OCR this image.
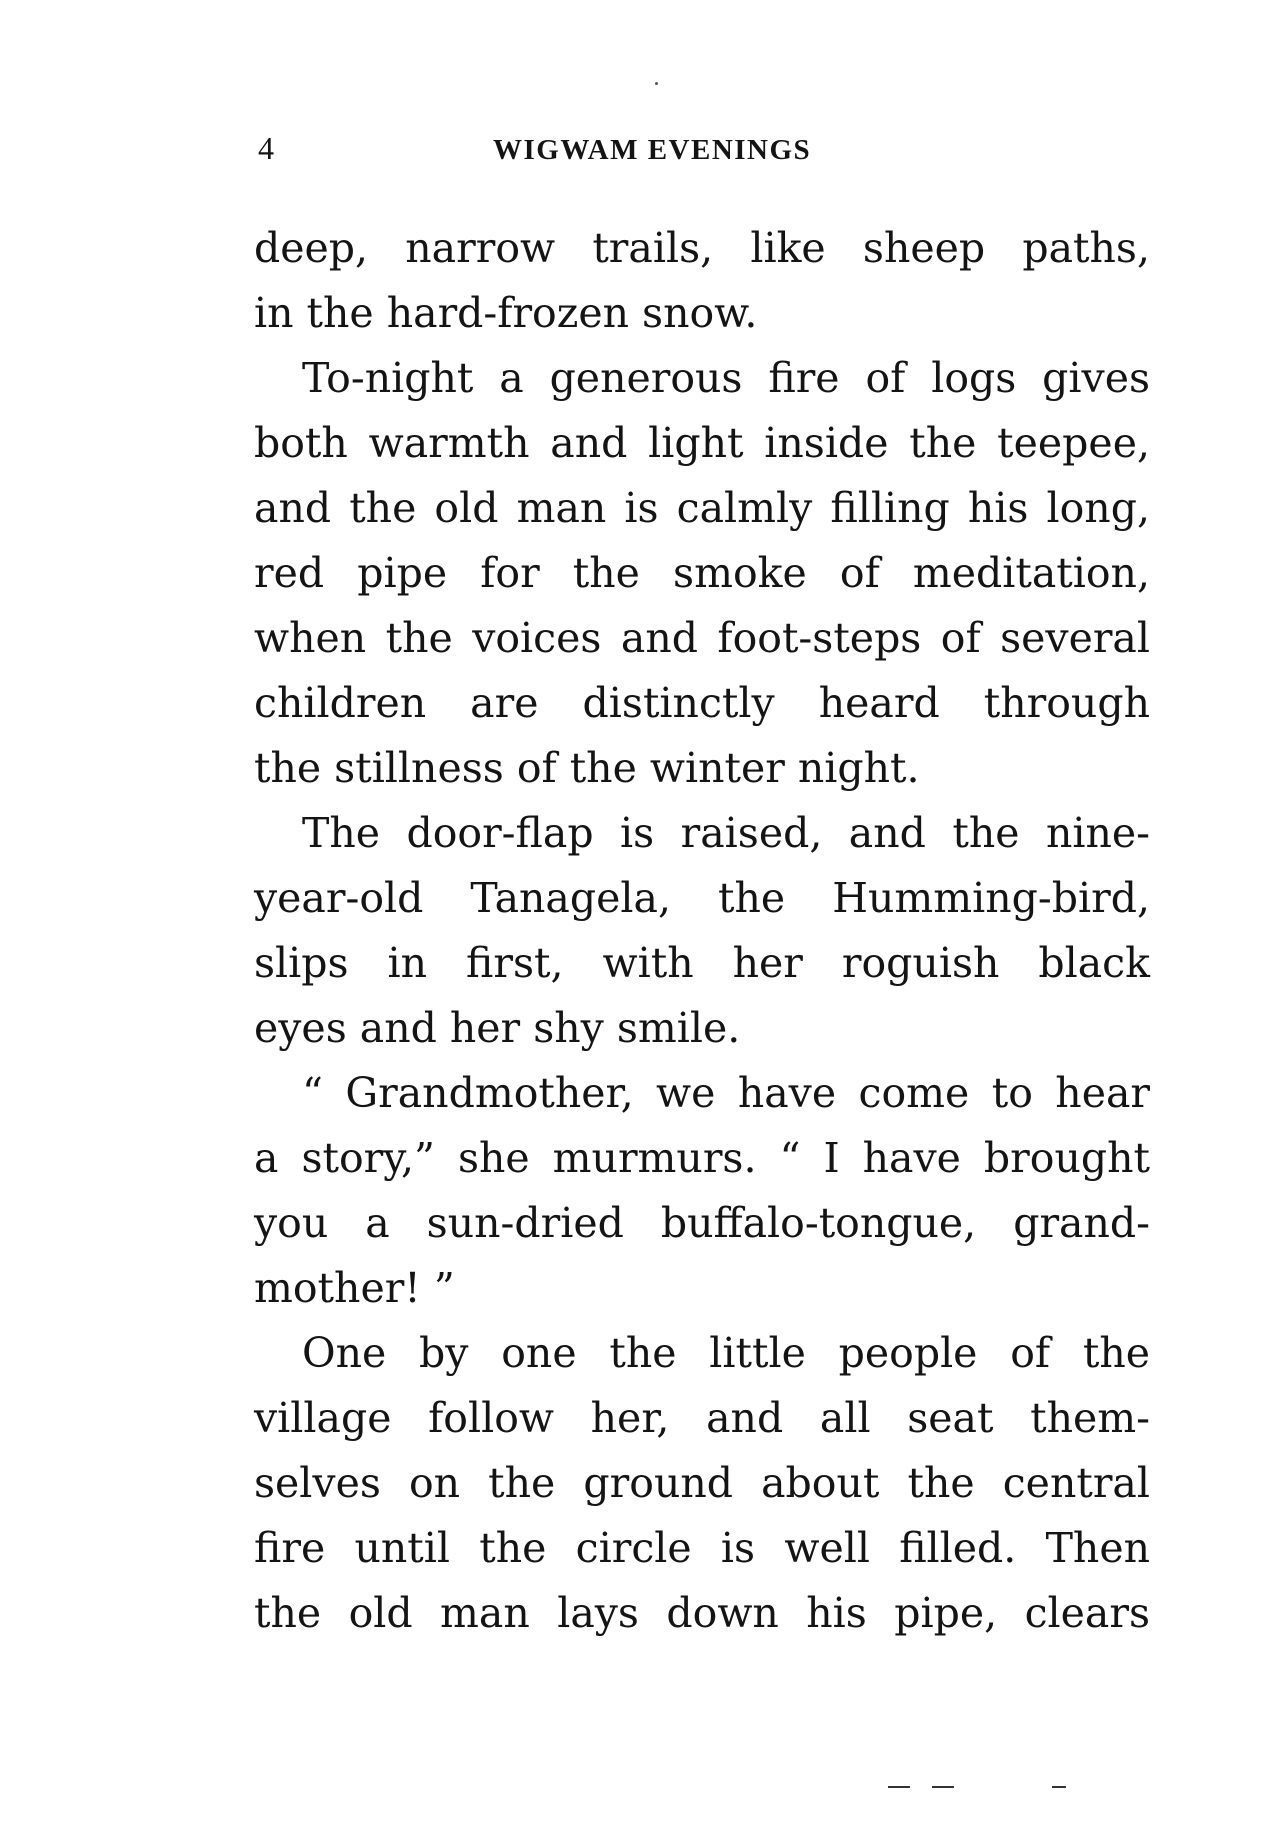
4	WIGWAM EVENINGS
deep, narrow trails, like sheep paths,
in the hard-frozen snow.
To-night a generous fire of logs gives
both warmth and light inside the teepee,
and the old man is calmly filling his long,
red pipe for the smoke of meditation,
when the voices and foot-steps of several
children are distinctly heard through
the stillness of the winter night.
The door-flap is raised, and the nine-
year-old Tanagela, the Humming-bird,
slips in first, with her roguish black
eyes and her shy smile.
“ Grandmother, we have come to hear
a story,” she murmurs. “ I have brought
you a sun-dried buffalo-tongue, grand-
mother! ”
One by one the little people of the
village follow her, and all seat them-
selves on the ground about the central
fire until the circle is well filled. Then
the old man lays down his pipe, clears
